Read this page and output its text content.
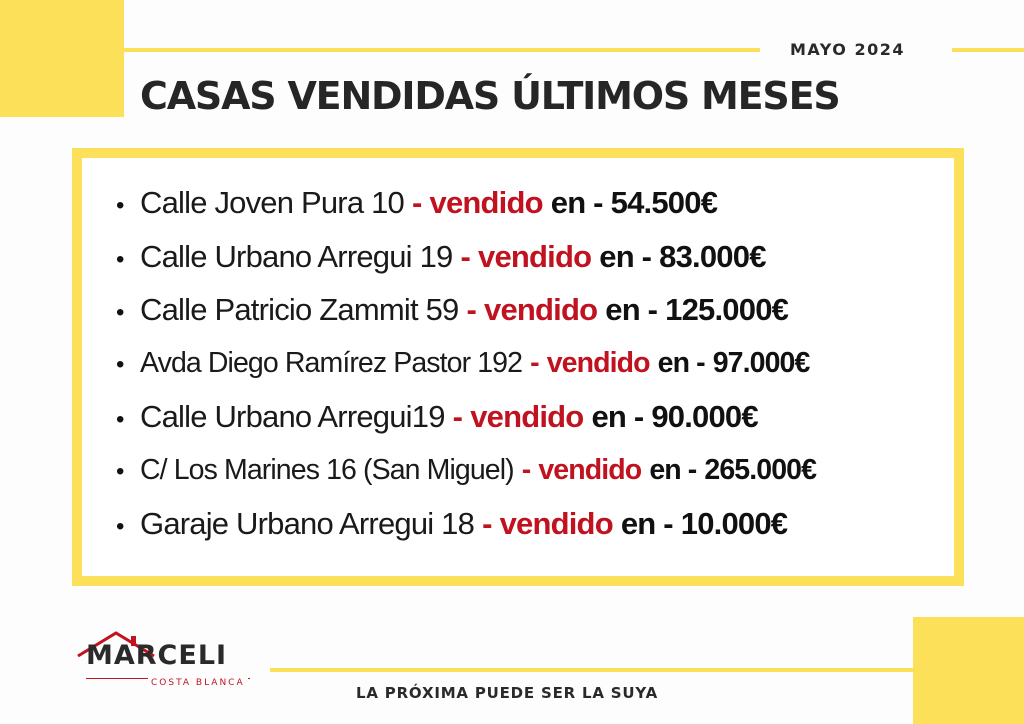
MAYO 2024
CASAS VENDIDAS ÚLTIMOS MESES
• Calle Joven Pura 10 - vendido en - 54.500€
• Calle Urbano Arregui 19 - vendido en - 83.000€
• Calle Patricio Zammit 59 - vendido en - 125.000€
• Avda Diego Ramírez Pastor 192 - vendido en - 97.000€
• Calle Urbano Arregui19 - vendido en - 90.000€
• C/ Los Marines 16 (San Miguel) - vendido en - 265.000€
• Garaje Urbano Arregui 18 - vendido en - 10.000€
MARCELI
COSTA BLANCA
LA PRÓXIMA PUEDE SER LA SUYA
